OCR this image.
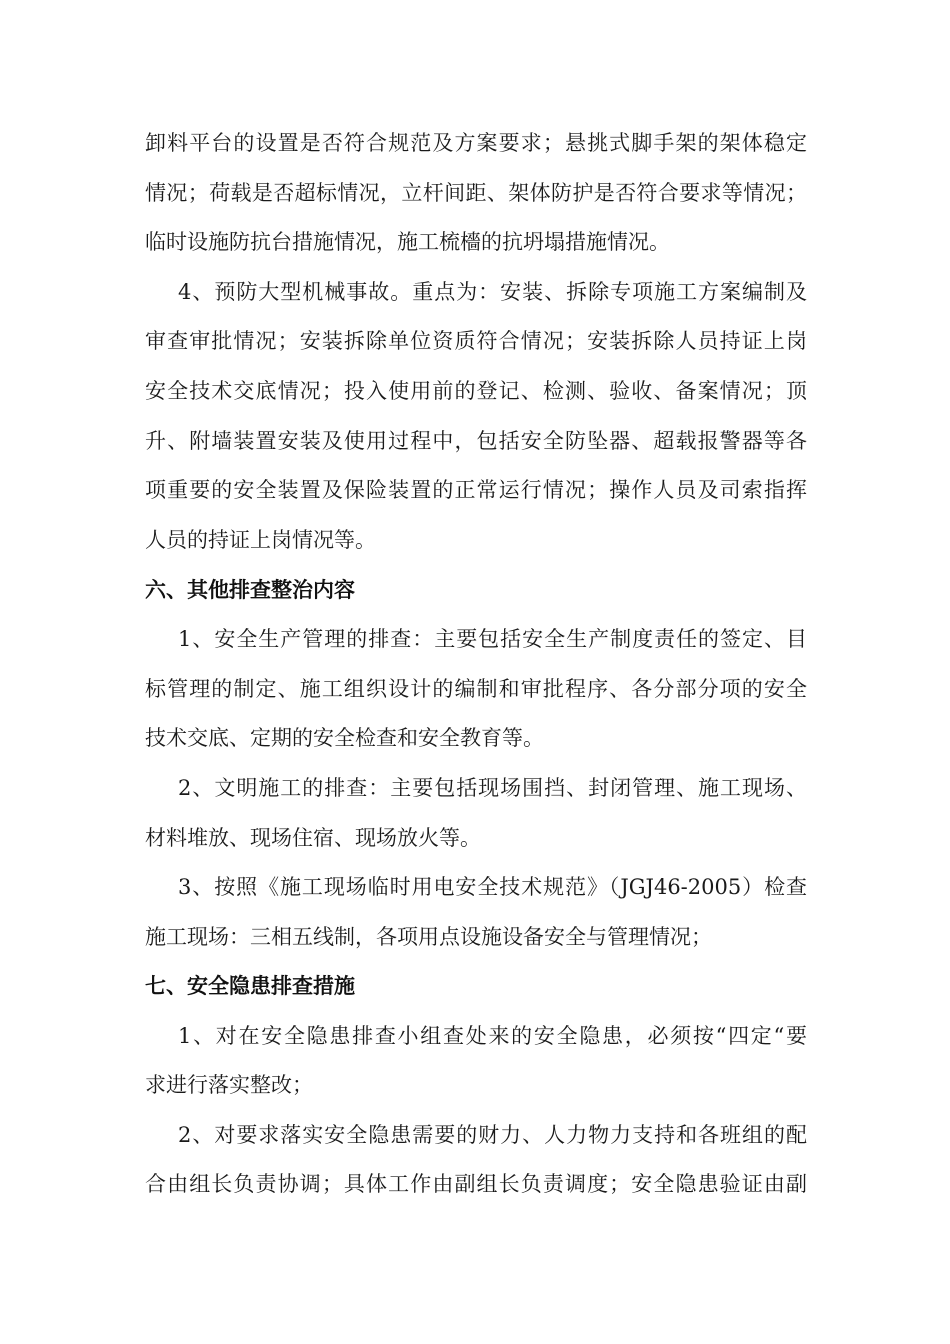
卸料平台的设置是否符合规范及方案要求；悬挑式脚手架的架体稳定
情况；荷载是否超标情况，立杆间距、架体防护是否符合要求等情况；
临时设施防抗台措施情况，施工梳檣的抗坍塌措施情况。
4、预防大型机械事故。重点为：安装、拆除专项施工方案编制及
审查审批情况；安装拆除单位资质符合情况；安装拆除人员持证上岗
安全技术交底情况；投入使用前的登记、检测、验收、备案情况；顶
升、附墙装置安装及使用过程中，包括安全防坠器、超载报警器等各
项重要的安全装置及保险装置的正常运行情况；操作人员及司索指挥
人员的持证上岗情况等。
六、其他排查整治内容
1、安全生产管理的排查：主要包括安全生产制度责任的签定、目
标管理的制定、施工组织设计的编制和审批程序、各分部分项的安全
技术交底、定期的安全检查和安全教育等。
2、文明施工的排查：主要包括现场围挡、封闭管理、施工现场、
材料堆放、现场住宿、现场放火等。
3、按照《施工现场临时用电安全技术规范》（JGJ46-2005）检查
施工现场：三相五线制，各项用点设施设备安全与管理情况；
七、安全隐患排查措施
1、对在安全隐患排查小组查处来的安全隐患，必须按“四定“要
求进行落实整改；
2、对要求落实安全隐患需要的财力、人力物力支持和各班组的配
合由组长负责协调；具体工作由副组长负责调度；安全隐患验证由副
